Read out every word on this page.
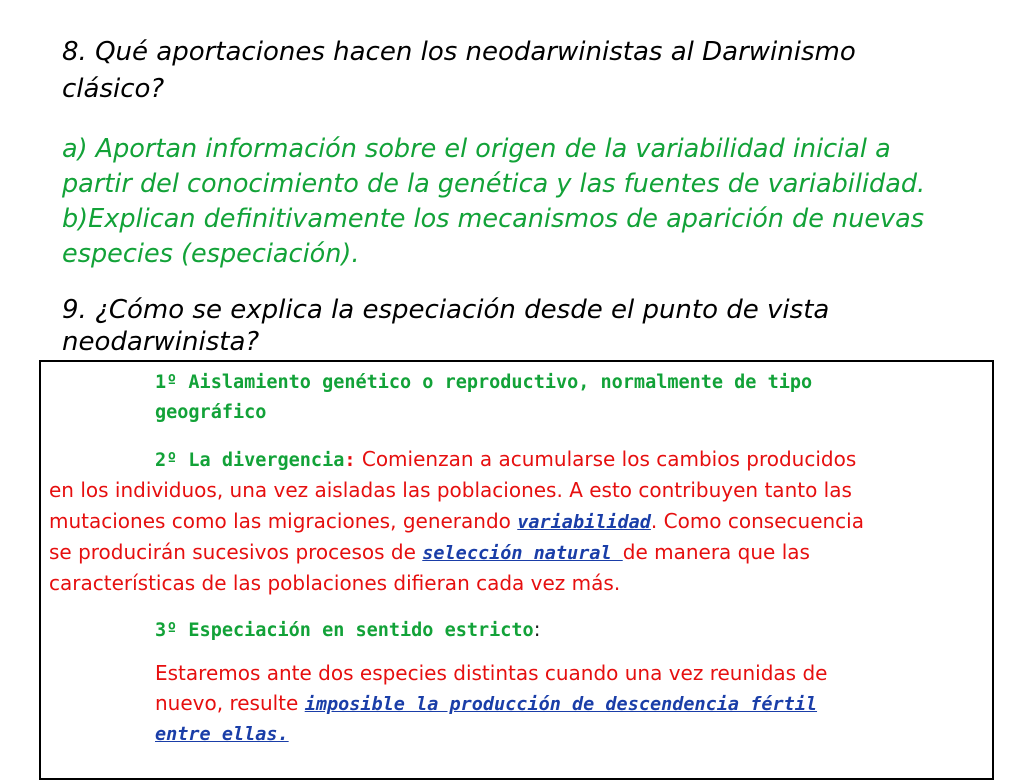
8. Qué aportaciones hacen los neodarwinistas al Darwinismo
clásico?
a) Aportan información sobre el origen de la variabilidad inicial a
partir del conocimiento de la genética y las fuentes de variabilidad.
b)Explican definitivamente los mecanismos de aparición de nuevas
especies (especiación).
9. ¿Cómo se explica la especiación desde el punto de vista
neodarwinista?
1º Aislamiento genético o reproductivo, normalmente de tipo
geográfico
2º La divergencia: Comienzan a acumularse los cambios producidos
en los individuos, una vez aisladas las poblaciones. A esto contribuyen tanto las
mutaciones como las migraciones, generando variabilidad. Como consecuencia
se producirán sucesivos procesos de selección natural de manera que las
características de las poblaciones difieran cada vez más.
3º Especiación en sentido estricto:
Estaremos ante dos especies distintas cuando una vez reunidas de
nuevo, resulte imposible la producción de descendencia fértil
entre ellas.
